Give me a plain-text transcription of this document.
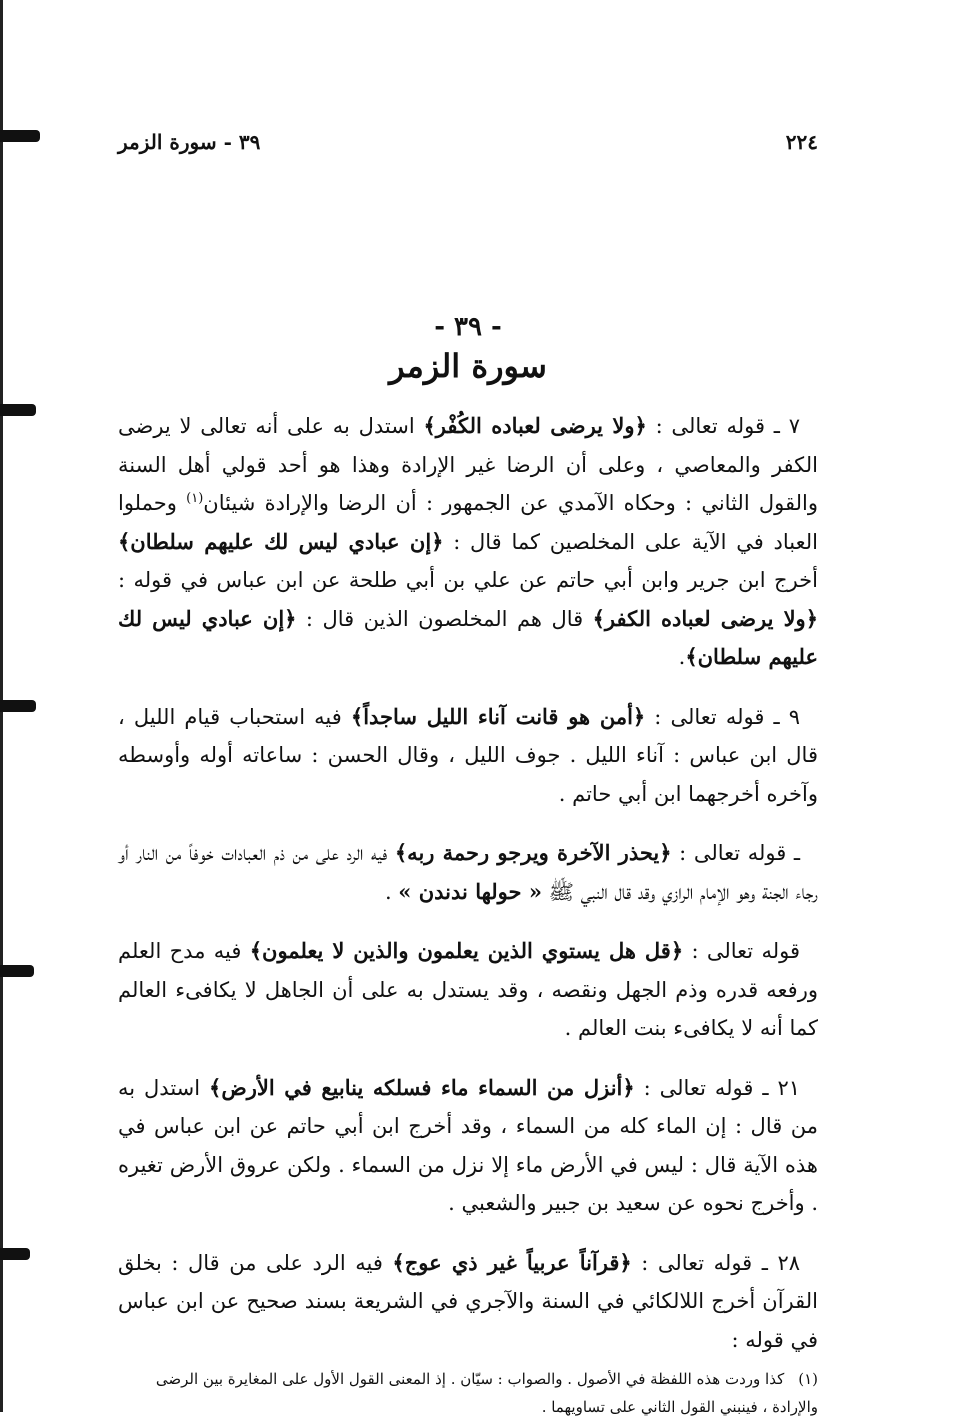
٢٢٤
٣٩ - سورة الزمر
- ٣٩ -
سورة الزمر

٧ ـ قوله تعالى : ﴿ولا يرضى لعباده الكُفْر﴾ استدل به على أنه تعالى لا يرضى الكفر والمعاصي ، وعلى أن الرضا غير الإرادة وهذا هو أحد قولي أهل السنة والقول الثاني : وحكاه الآمدي عن الجمهور : أن الرضا والإرادة شيئان$^{(١)}$ وحملوا العباد في الآية على المخلصين كما قال : ﴿إن عبادي ليس لك عليهم سلطان﴾ أخرج ابن جرير وابن أبي حاتم عن علي بن أبي طلحة عن ابن عباس في قوله : ﴿ولا يرضى لعباده الكفر﴾ قال هم المخلصون الذين قال : ﴿إن عبادي ليس لك عليهم سلطان﴾.

٩ ـ قوله تعالى : ﴿أمن هو قانت آناء الليل ساجداً﴾ فيه استحباب قيام الليل ، قال ابن عباس : آناء الليل . جوف الليل ، وقال الحسن : ساعاته أوله وأوسطه وآخره أخرجهما ابن أبي حاتم .

ـ قوله تعالى : ﴿يحذر الآخرة ويرجو رحمة ربه﴾ فيه الرد على من ذم العبادات خوفاً من النار أو رجاء الجنة وهو الإمام الرازي وقد قال النبي ﷺ « حولها ندندن » .

قوله تعالى : ﴿قل هل يستوي الذين يعلمون والذين لا يعلمون﴾ فيه مدح العلم ورفعه قدره وذم الجهل ونقصه ، وقد يستدل به على أن الجاهل لا يكافىء العالم كما أنه لا يكافىء بنت العالم .

٢١ ـ قوله تعالى : ﴿أنزل من السماء ماء فسلكه ينابيع في الأرض﴾ استدل به من قال : إن الماء كله من السماء ، وقد أخرج ابن أبي حاتم عن ابن عباس في هذه الآية قال : ليس في الأرض ماء إلا نزل من السماء . ولكن عروق الأرض تغيره . وأخرج نحوه عن سعيد بن جبير والشعبي .

٢٨ ـ قوله تعالى : ﴿قرآناً عربياً غير ذي عوج﴾ فيه الرد على من قال : بخلق القرآن أخرج اللالكائي في السنة والآجري في الشريعة بسند صحيح عن ابن عباس في قوله :

(١)كذا وردت هذه اللفظة في الأصول . والصواب : سيّان . إذ المعنى القول الأول على المغايرة بين الرضى والإرادة ، فينبني القول الثاني على تساويهما .
